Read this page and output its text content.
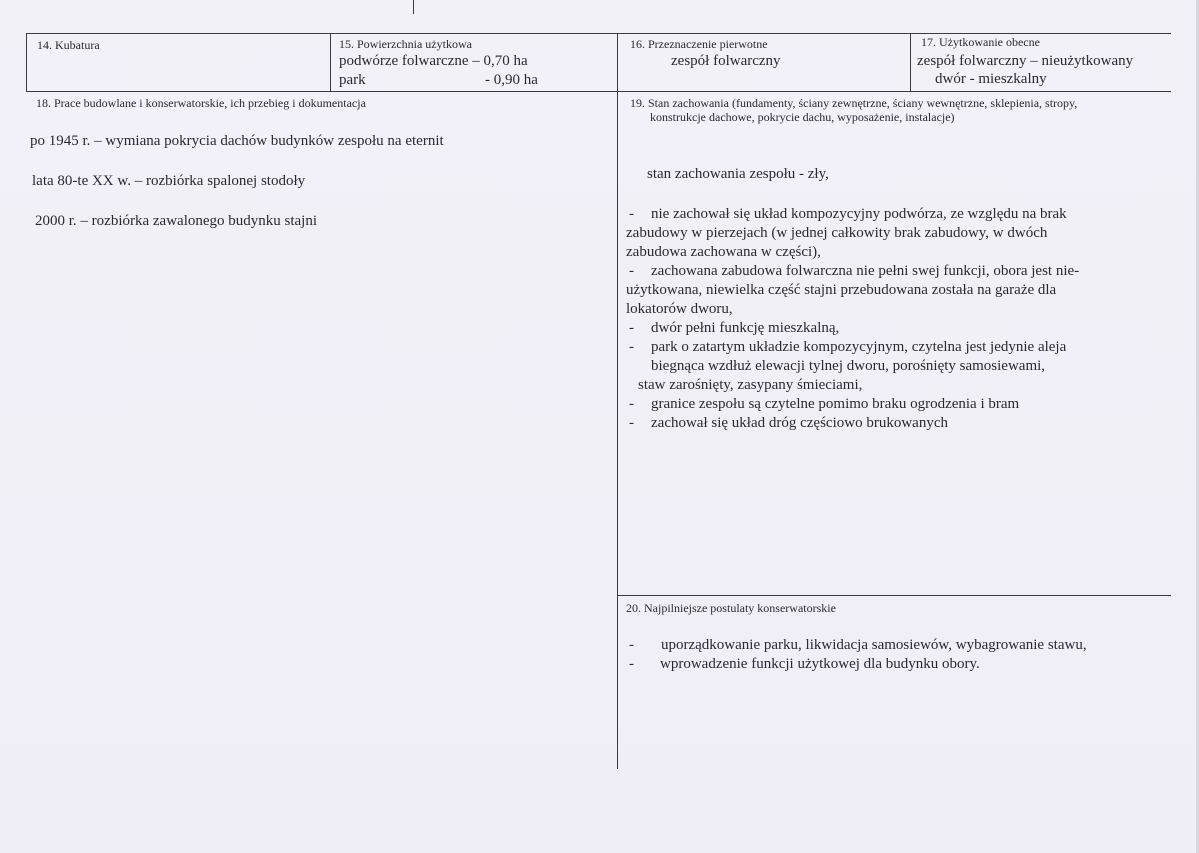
14. Kubatura	15. Powierzchnia użytkowa
podwórze folwarczne – 0,70 ha
park	- 0,90 ha
16. Przeznaczenie pierwotne
zespół folwarczny
17. Użytkowanie obecne
zespół folwarczny – nieużytkowany
dwór - mieszkalny
18. Prace budowlane i konserwatorskie, ich przebieg i dokumentacja
po 1945 r. – wymiana pokrycia dachów budynków zespołu na eternit
lata 80-te XX w. – rozbiórka spalonej stodoły
2000 r. – rozbiórka zawalonego budynku stajni
19. Stan zachowania (fundamenty, ściany zewnętrzne, ściany wewnętrzne, sklepienia, stropy,
konstrukcje dachowe, pokrycie dachu, wyposażenie, instalacje)
stan zachowania zespołu - zły,
- nie zachował się układ kompozycyjny podwórza, ze względu na brak
zabudowy w pierzejach (w jednej całkowity brak zabudowy, w dwóch
zabudowa zachowana w części),
- zachowana zabudowa folwarczna nie pełni swej funkcji, obora jest nie-
użytkowana, niewielka część stajni przebudowana została na garaże dla
lokatorów dworu,
- dwór pełni funkcję mieszkalną,
- park o zatartym układzie kompozycyjnym, czytelna jest jedynie aleja
biegnąca wzdłuż elewacji tylnej dworu, porośnięty samosiewami,
staw zarośnięty, zasypany śmieciami,
- granice zespołu są czytelne pomimo braku ogrodzenia i bram
- zachował się układ dróg częściowo brukowanych
20. Najpilniejsze postulaty konserwatorskie
- uporządkowanie parku, likwidacja samosiewów, wybagrowanie stawu,
- wprowadzenie funkcji użytkowej dla budynku obory.
